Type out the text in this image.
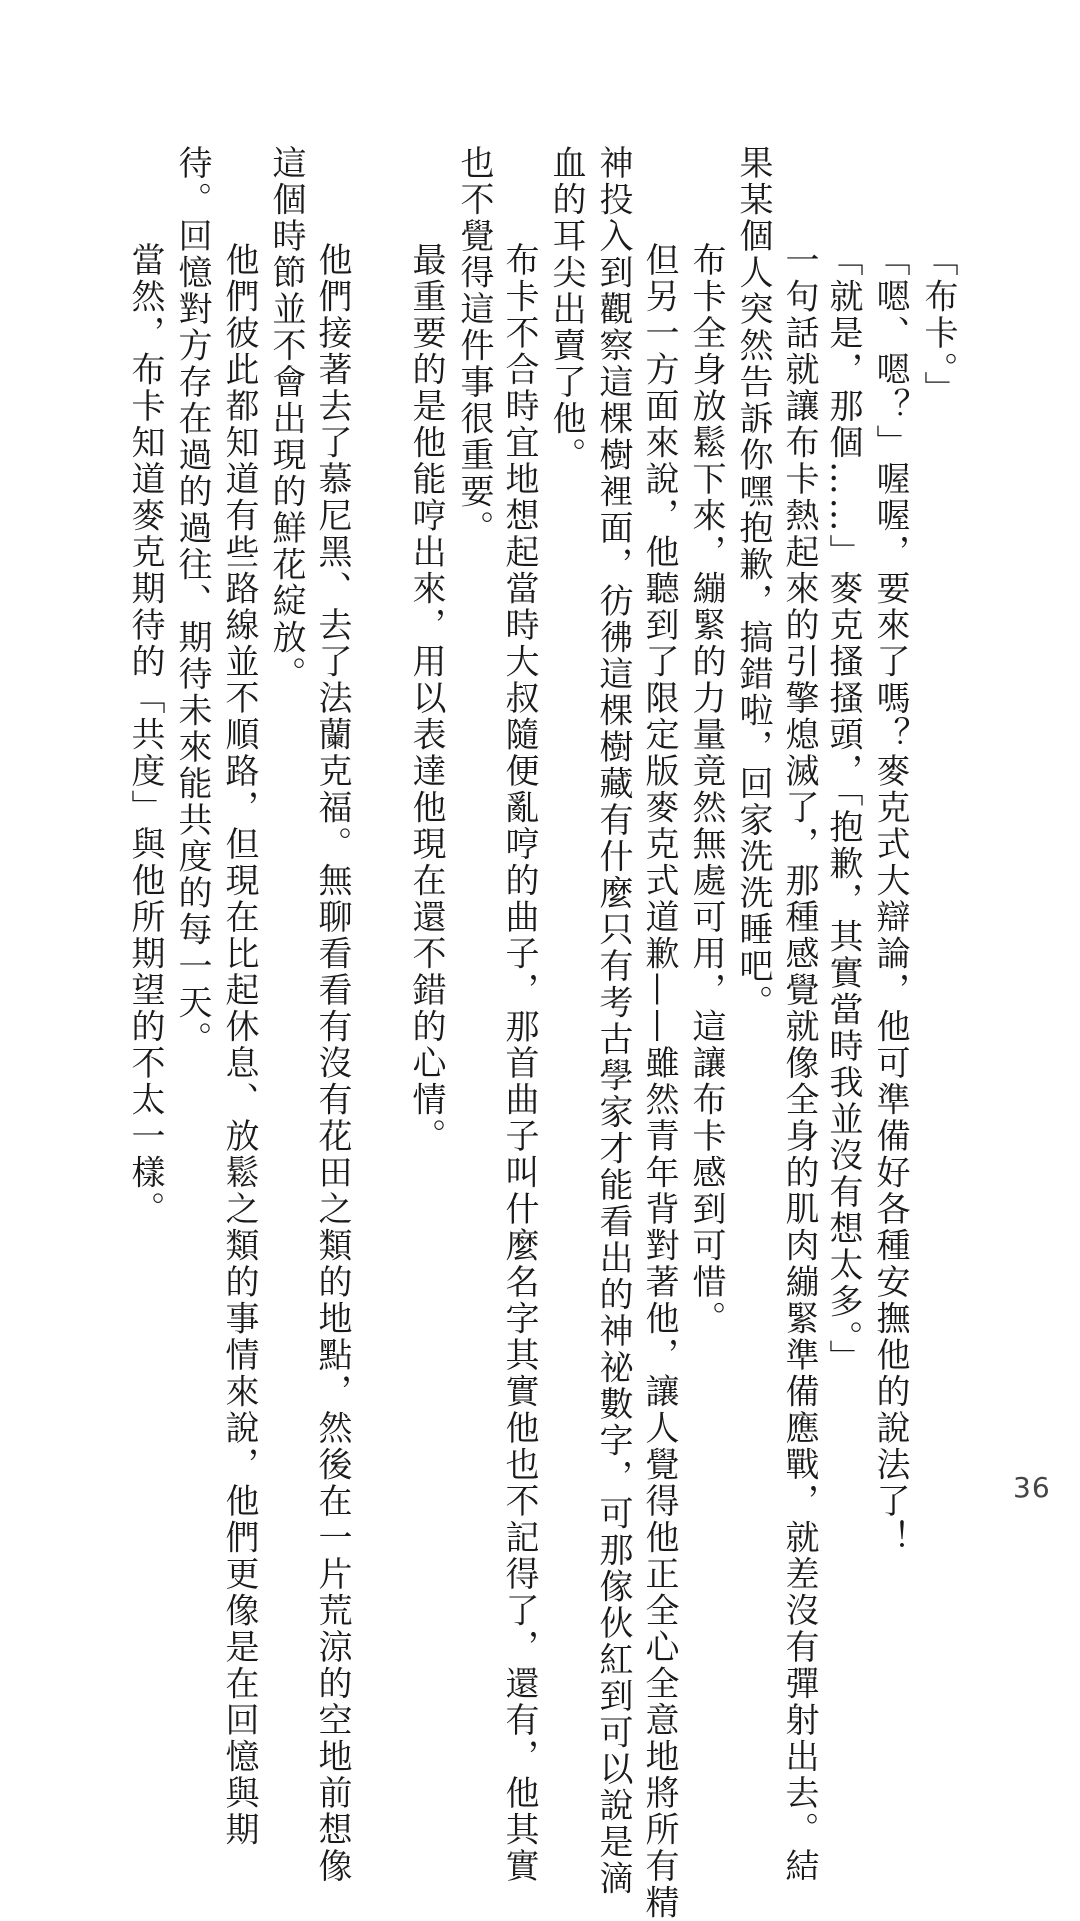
「布卡。」
「嗯、嗯？」喔喔，要來了嗎？麥克式大辯論，他可準備好各種安撫他的說法了！
「就是，那個……」麥克搔搔頭，「抱歉，其實當時我並沒有想太多。」
一句話就讓布卡熱起來的引擎熄滅了，那種感覺就像全身的肌肉繃緊準備應戰，就差沒有彈射出去。結
果某個人突然告訴你嘿抱歉，搞錯啦，回家洗洗睡吧。
布卡全身放鬆下來，繃緊的力量竟然無處可用，這讓布卡感到可惜。
但另一方面來說，他聽到了限定版麥克式道歉——雖然青年背對著他，讓人覺得他正全心全意地將所有精
神投入到觀察這棵樹裡面，彷彿這棵樹藏有什麼只有考古學家才能看出的神祕數字，可那傢伙紅到可以說是滴
血的耳尖出賣了他。
布卡不合時宜地想起當時大叔隨便亂哼的曲子，那首曲子叫什麼名字其實他也不記得了，還有，他其實
也不覺得這件事很重要。
最重要的是他能哼出來，用以表達他現在還不錯的心情。
他們接著去了慕尼黑、去了法蘭克福。無聊看看有沒有花田之類的地點，然後在一片荒涼的空地前想像
這個時節並不會出現的鮮花綻放。
他們彼此都知道有些路線並不順路，但現在比起休息、放鬆之類的事情來說，他們更像是在回憶與期
待。回憶對方存在過的過往、期待未來能共度的每一天。
當然，布卡知道麥克期待的「共度」與他所期望的不太一樣。
36
